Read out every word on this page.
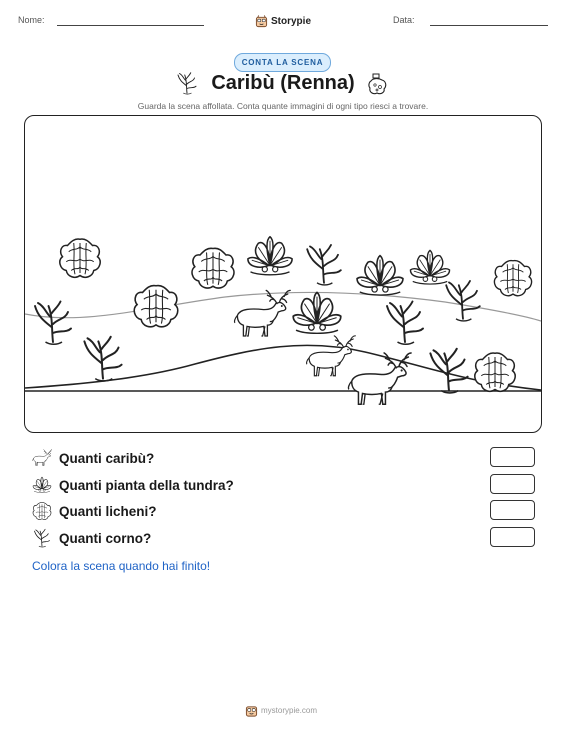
Nome:	Storypie	Data:
CONTA LA SCENA
Caribù (Renna)
Guarda la scena affollata. Conta quante immagini di ogni tipo riesci a trovare.
Quanti caribù?
Quanti pianta della tundra?
Quanti licheni?
Quanti corno?
Colora la scena quando hai finito!
mystorypie.com
